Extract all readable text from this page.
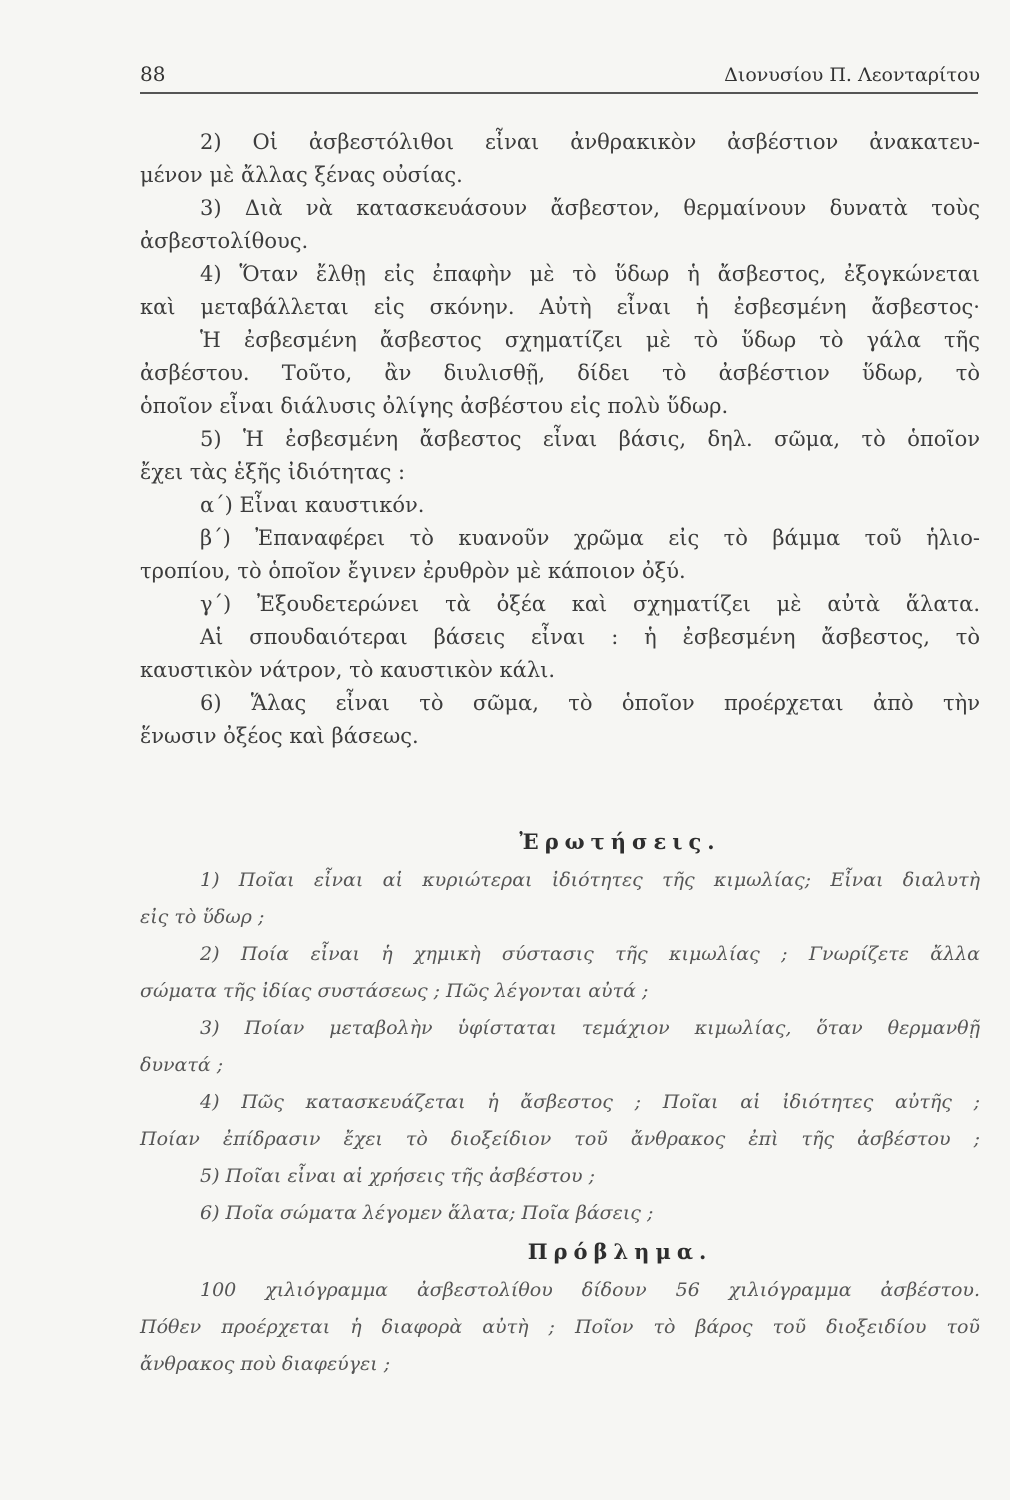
88	Διονυσίου Π. Λεονταρίτου
2) Οἱ ἀσβεστόλιθοι εἶναι ἀνθρακικὸν ἀσβέστιον ἀνακατευ-
μένον μὲ ἄλλας ξένας οὐσίας.
3) Διὰ νὰ κατασκευάσουν ἄσβεστον, θερμαίνουν δυνατὰ τοὺς
ἀσβεστολίθους.
4) Ὅταν ἔλθῃ εἰς ἐπαφὴν μὲ τὸ ὕδωρ ἡ ἄσβεστος, ἐξογκώνεται
καὶ μεταβάλλεται εἰς σκόνην. Αὐτὴ εἶναι ἡ ἐσβεσμένη ἄσβεστος·
Ἡ ἐσβεσμένη ἄσβεστος σχηματίζει μὲ τὸ ὕδωρ τὸ γάλα τῆς
ἀσβέστου. Τοῦτο, ἂν διυλισθῇ, δίδει τὸ ἀσβέστιον ὕδωρ, τὸ
ὁποῖον εἶναι διάλυσις ὀλίγης ἀσβέστου εἰς πολὺ ὕδωρ.
5) Ἡ ἐσβεσμένη ἄσβεστος εἶναι βάσις, δηλ. σῶμα, τὸ ὁποῖον
ἔχει τὰς ἑξῆς ἰδιότητας :
α΄) Εἶναι καυστικόν.
β΄) Ἐπαναφέρει τὸ κυανοῦν χρῶμα εἰς τὸ βάμμα τοῦ ἡλιο-
τροπίου, τὸ ὁποῖον ἔγινεν ἐρυθρὸν μὲ κάποιον ὀξύ.
γ΄) Ἐξουδετερώνει τὰ ὀξέα καὶ σχηματίζει μὲ αὐτὰ ἅλατα.
Αἱ σπουδαιότεραι βάσεις εἶναι : ἡ ἐσβεσμένη ἄσβεστος, τὸ
καυστικὸν νάτρον, τὸ καυστικὸν κάλι.
6) Ἅλας εἶναι τὸ σῶμα, τὸ ὁποῖον προέρχεται ἀπὸ τὴν
ἕνωσιν ὀξέος καὶ βάσεως.
Ἐρωτήσεις.
1) Ποῖαι εἶναι αἱ κυριώτεραι ἰδιότητες τῆς κιμωλίας; Εἶναι διαλυτὴ
εἰς τὸ ὕδωρ ;
2) Ποία εἶναι ἡ χημικὴ σύστασις τῆς κιμωλίας ; Γνωρίζετε ἄλλα
σώματα τῆς ἰδίας συστάσεως ; Πῶς λέγονται αὐτά ;
3) Ποίαν μεταβολὴν ὑφίσταται τεμάχιον κιμωλίας, ὅταν θερμανθῇ
δυνατά ;
4) Πῶς κατασκευάζεται ἡ ἄσβεστος ; Ποῖαι αἱ ἰδιότητες αὐτῆς ;
Ποίαν ἐπίδρασιν ἔχει τὸ διοξείδιον τοῦ ἄνθρακος ἐπὶ τῆς ἀσβέστου ;
5) Ποῖαι εἶναι αἱ χρήσεις τῆς ἀσβέστου ;
6) Ποῖα σώματα λέγομεν ἅλατα; Ποῖα βάσεις ;
Πρόβλημα.
100 χιλιόγραμμα ἀσβεστολίθου δίδουν 56 χιλιόγραμμα ἀσβέστου.
Πόθεν προέρχεται ἡ διαφορὰ αὐτὴ ; Ποῖον τὸ βάρος τοῦ διοξειδίου τοῦ
ἄνθρακος ποὺ διαφεύγει ;
